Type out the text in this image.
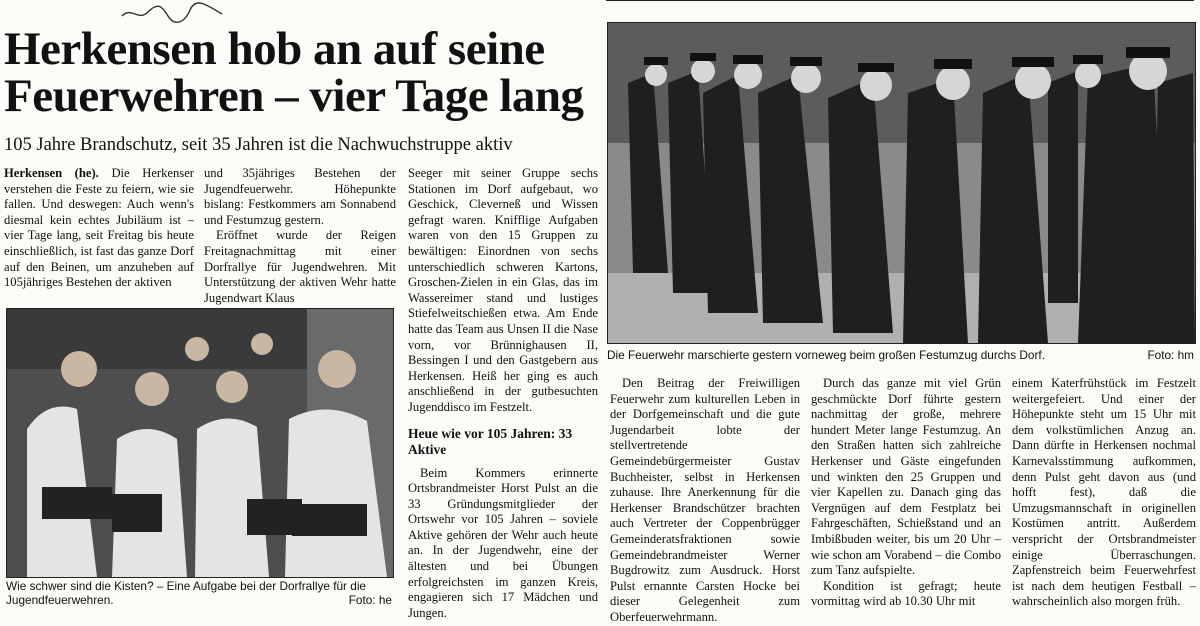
Herkensen hob an auf seine
Feuerwehren – vier Tage lang
105 Jahre Brandschutz, seit 35 Jahren ist die Nachwuchstruppe aktiv

Herkensen (he). Die Herkenser verstehen die Feste zu feiern, wie sie fallen. Und deswegen: Auch wenn's diesmal kein echtes Jubiläum ist – vier Tage lang, seit Freitag bis heute einschließlich, ist fast das ganze Dorf auf den Beinen, um anzuheben auf 105jähriges Bestehen der aktiven

und 35jähriges Bestehen der Jugendfeuerwehr. Höhepunkte bislang: Festkommers am Sonnabend und Festumzug gestern.

Eröffnet wurde der Reigen Freitagnachmittag mit einer Dorfrallye für Jugendwehren. Mit Unterstützung der aktiven Wehr hatte Jugendwart Klaus

Wie schwer sind die Kisten? – Eine Aufgabe bei der Dorfrallye für die Jugendfeuerwehren.	Foto: he

Seeger mit seiner Gruppe sechs Stationen im Dorf aufgebaut, wo Geschick, Cleverneß und Wissen gefragt waren. Knifflige Aufgaben waren von den 15 Gruppen zu bewältigen: Einordnen von sechs unterschiedlich schweren Kartons, Groschen-Zielen in ein Glas, das im Wassereimer stand und lustiges Stiefelweitschießen etwa. Am Ende hatte das Team aus Unsen II die Nase vorn, vor Brünnighausen II, Bessingen I und den Gastgebern aus Herkensen. Heiß her ging es auch anschließend in der gutbesuchten Jugenddisco im Festzelt.

Heue wie vor 105 Jahren: 33 Aktive

Beim Kommers erinnerte Ortsbrandmeister Horst Pulst an die 33 Gründungsmitglieder der Ortswehr vor 105 Jahren – soviele Aktive gehören der Wehr auch heute an. In der Jugendwehr, eine der ältesten und bei Übungen erfolgreichsten im ganzen Kreis, engagieren sich 17 Mädchen und Jungen.

Die Feuerwehr marschierte gestern vorneweg beim großen Festumzug durchs Dorf.	Foto: hm

Den Beitrag der Freiwilligen Feuerwehr zum kulturellen Leben in der Dorfgemeinschaft und die gute Jugendarbeit lobte der stellvertretende Gemeindebürgermeister Gustav Buchheister, selbst in Herkensen zuhause. Ihre Anerkennung für die Herkenser Brandschützer brachten auch Vertreter der Coppenbrügger Gemeinderatsfraktionen sowie Gemeindebrandmeister Werner Bugdrowitz zum Ausdruck. Horst Pulst ernannte Carsten Hocke bei dieser Gelegenheit zum Oberfeuerwehrmann.

Durch das ganze mit viel Grün geschmückte Dorf führte gestern nachmittag der große, mehrere hundert Meter lange Festumzug. An den Straßen hatten sich zahlreiche Herkenser und Gäste eingefunden und winkten den 25 Gruppen und vier Kapellen zu. Danach ging das Vergnügen auf dem Festplatz bei Fahrgeschäften, Schießstand und an Imbißbuden weiter, bis um 20 Uhr – wie schon am Vorabend – die Combo zum Tanz aufspielte.

Kondition ist gefragt; heute vormittag wird ab 10.30 Uhr mit

einem Katerfrühstück im Festzelt weitergefeiert. Und einer der Höhepunkte steht um 15 Uhr mit dem volkstümlichen Anzug an. Dann dürfte in Herkensen nochmal Karnevalsstimmung aufkommen, denn Pulst geht davon aus (und hofft fest), daß die Umzugsmannschaft in originellen Kostümen antritt. Außerdem verspricht der Ortsbrandmeister einige Überraschungen. Zapfenstreich beim Feuerwehrfest ist nach dem heutigen Festball – wahrscheinlich also morgen früh.
